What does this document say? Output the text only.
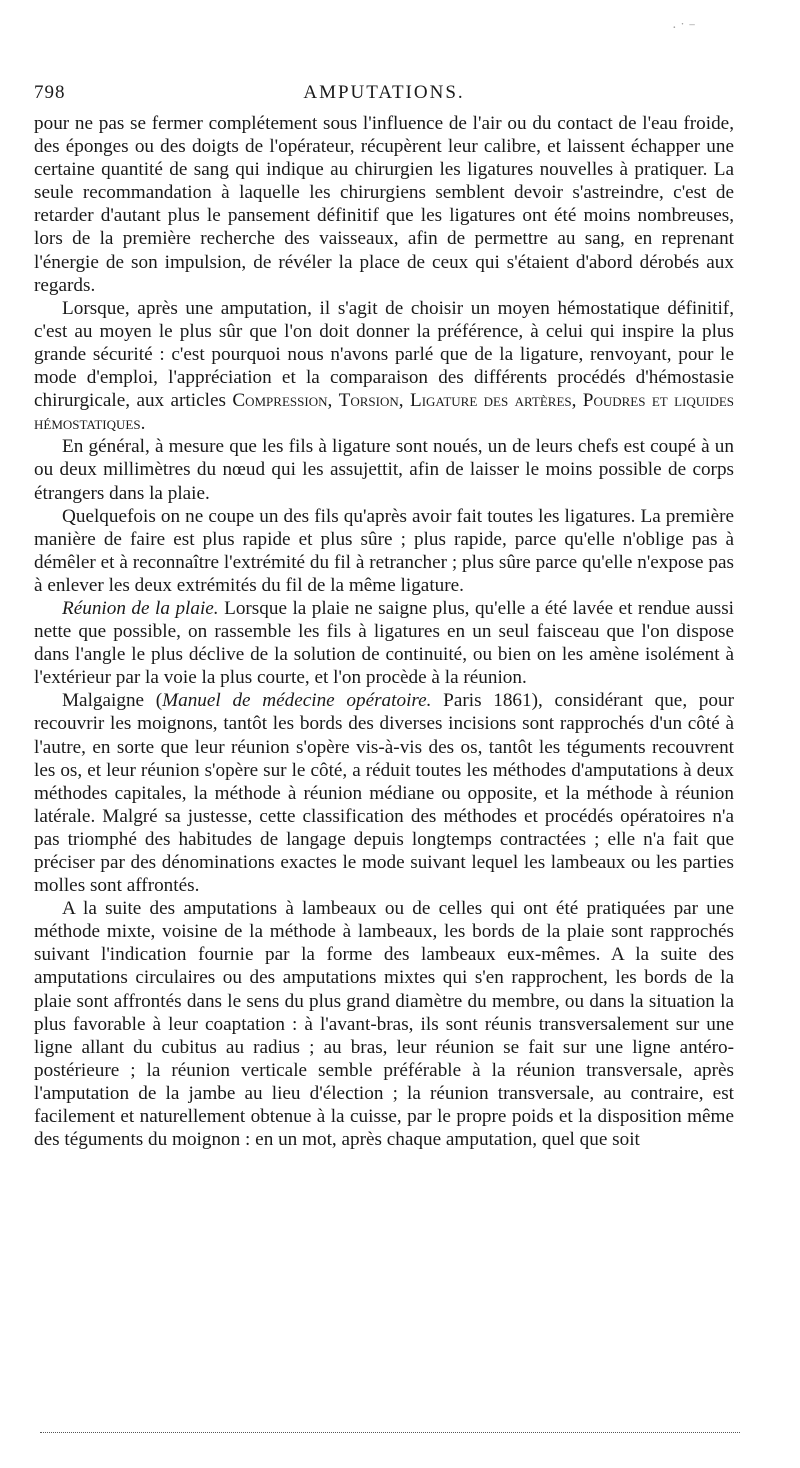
· ˙ ⁻
798	AMPUTATIONS.

pour ne pas se fermer complétement sous l'influence de l'air ou du contact de l'eau froide, des éponges ou des doigts de l'opérateur, récupèrent leur calibre, et laissent échapper une certaine quantité de sang qui indique au chirurgien les ligatures nouvelles à pratiquer. La seule recommandation à laquelle les chirurgiens semblent devoir s'astreindre, c'est de retarder d'autant plus le pansement définitif que les ligatures ont été moins nombreuses, lors de la première recherche des vaisseaux, afin de permettre au sang, en reprenant l'énergie de son impulsion, de révéler la place de ceux qui s'étaient d'abord dérobés aux regards.

Lorsque, après une amputation, il s'agit de choisir un moyen hémostatique définitif, c'est au moyen le plus sûr que l'on doit donner la préférence, à celui qui inspire la plus grande sécurité : c'est pourquoi nous n'avons parlé que de la ligature, renvoyant, pour le mode d'emploi, l'appréciation et la comparaison des différents procédés d'hémostasie chirurgicale, aux articles Compression, Torsion, Ligature des artères, Poudres et liquides hémostatiques.

En général, à mesure que les fils à ligature sont noués, un de leurs chefs est coupé à un ou deux millimètres du nœud qui les assujettit, afin de laisser le moins possible de corps étrangers dans la plaie.

Quelquefois on ne coupe un des fils qu'après avoir fait toutes les ligatures. La première manière de faire est plus rapide et plus sûre ; plus rapide, parce qu'elle n'oblige pas à démêler et à reconnaître l'extrémité du fil à retrancher ; plus sûre parce qu'elle n'expose pas à enlever les deux extrémités du fil de la même ligature.

Réunion de la plaie. Lorsque la plaie ne saigne plus, qu'elle a été lavée et rendue aussi nette que possible, on rassemble les fils à ligatures en un seul faisceau que l'on dispose dans l'angle le plus déclive de la solution de continuité, ou bien on les amène isolément à l'extérieur par la voie la plus courte, et l'on procède à la réunion.

Malgaigne (Manuel de médecine opératoire. Paris 1861), considérant que, pour recouvrir les moignons, tantôt les bords des diverses incisions sont rapprochés d'un côté à l'autre, en sorte que leur réunion s'opère vis-à-vis des os, tantôt les téguments recouvrent les os, et leur réunion s'opère sur le côté, a réduit toutes les méthodes d'amputations à deux méthodes capitales, la méthode à réunion médiane ou opposite, et la méthode à réunion latérale. Malgré sa justesse, cette classification des méthodes et procédés opératoires n'a pas triomphé des habitudes de langage depuis longtemps contractées ; elle n'a fait que préciser par des dénominations exactes le mode suivant lequel les lambeaux ou les parties molles sont affrontés.

A la suite des amputations à lambeaux ou de celles qui ont été pratiquées par une méthode mixte, voisine de la méthode à lambeaux, les bords de la plaie sont rapprochés suivant l'indication fournie par la forme des lambeaux eux-mêmes. A la suite des amputations circulaires ou des amputations mixtes qui s'en rapprochent, les bords de la plaie sont affrontés dans le sens du plus grand diamètre du membre, ou dans la situation la plus favorable à leur coaptation : à l'avant-bras, ils sont réunis transversalement sur une ligne allant du cubitus au radius ; au bras, leur réunion se fait sur une ligne antéro-postérieure ; la réunion verticale semble préférable à la réunion transversale, après l'amputation de la jambe au lieu d'élection ; la réunion transversale, au contraire, est facilement et naturellement obtenue à la cuisse, par le propre poids et la disposition même des téguments du moignon : en un mot, après chaque amputation, quel que soit
